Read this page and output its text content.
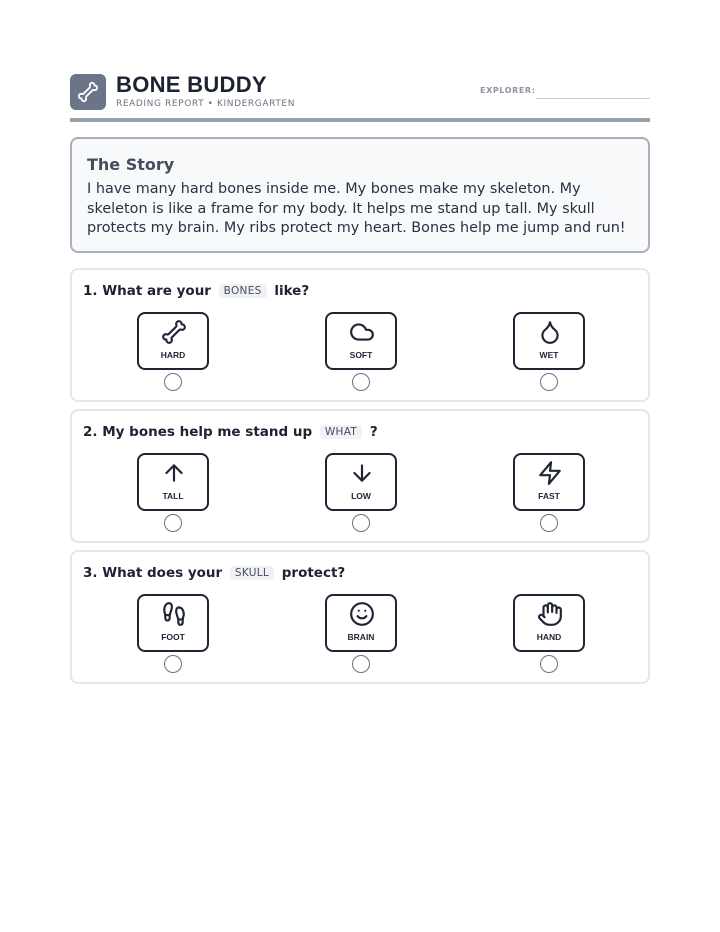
BONE BUDDY
READING REPORT • KINDERGARTEN
EXPLORER:
The Story
I have many hard bones inside me. My bones make my skeleton. My skeleton is like a frame for my body. It helps me stand up tall. My skull protects my brain. My ribs protect my heart. Bones help me jump and run!
1. What are your BONES like?
HARD	SOFT	WET
2. My bones help me stand up WHAT ?
TALL	LOW	FAST
3. What does your SKULL protect?
FOOT	BRAIN	HAND
